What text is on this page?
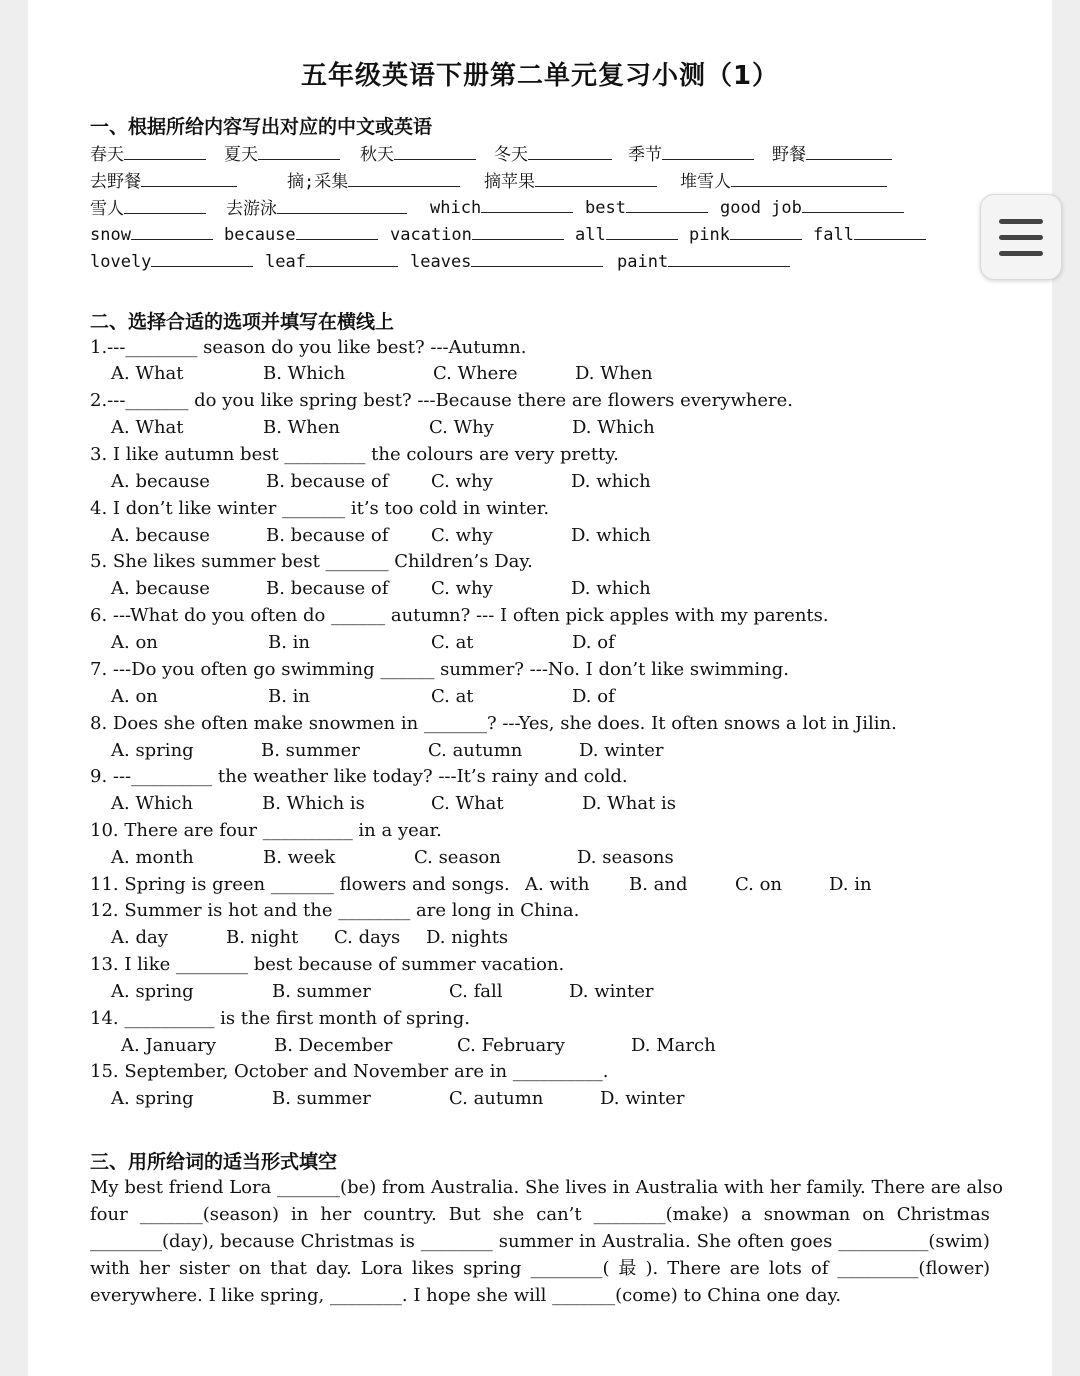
五年级英语下册第二单元复习小测（1）
一、根据所给内容写出对应的中文或英语
春天	夏天	秋天	冬天	季节	野餐
去野餐	摘;采集	摘苹果	堆雪人
雪人	去游泳	which	best	good job
snow	because	vacation	all	pink	fall
lovely	leaf	leaves	paint
二、选择合适的选项并填写在横线上
1.---________ season do you like best? ---Autumn.
A. What	B. Which	C. Where	D. When
2.---_______ do you like spring best? ---Because there are flowers everywhere.
A. What	B. When	C. Why	D. Which
3. I like autumn best _________ the colours are very pretty.
A. because	B. because of C. why	D. which
4. I don’t like winter _______ it’s too cold in winter.
A. because	B. because of C. why	D. which
5. She likes summer best _______ Children’s Day.
A. because	B. because of C. why	D. which
6. ---What do you often do ______ autumn? --- I often pick apples with my parents.
A. on	B. in	C. at	D. of
7. ---Do you often go swimming ______ summer? ---No. I don’t like swimming.
A. on	B. in	C. at	D. of
8. Does she often make snowmen in _______? ---Yes, she does. It often snows a lot in Jilin.
A. spring	B. summer	C. autumn	D. winter
9. ---_________ the weather like today? ---It’s rainy and cold.
A. Which	B. Which is	C. What	D. What is
10. There are four __________ in a year.
A. month	B. week	C. season	D. seasons
11. Spring is green _______ flowers and songs. A. with B. and	C. on	D. in
12. Summer is hot and the ________ are long in China.
A. day	B. night C. days D. nights
13. I like ________ best because of summer vacation.
A. spring	B. summer	C. fall	D. winter
14. __________ is the first month of spring.
A. January	B. December	C. February	D. March
15. September, October and November are in __________.
A. spring	B. summer	C. autumn	D. winter
三、用所给词的适当形式填空
My best friend Lora _______(be) from Australia. She lives in Australia with her family. There are also
four _______(season) in her country. But she can’t ________(make) a snowman on Christmas
________(day), because Christmas is ________ summer in Australia. She often goes __________(swim)
with her sister on that day. Lora likes spring ________( 最 ). There are lots of _________(flower)
everywhere. I like spring, ________. I hope she will _______(come) to China one day.
